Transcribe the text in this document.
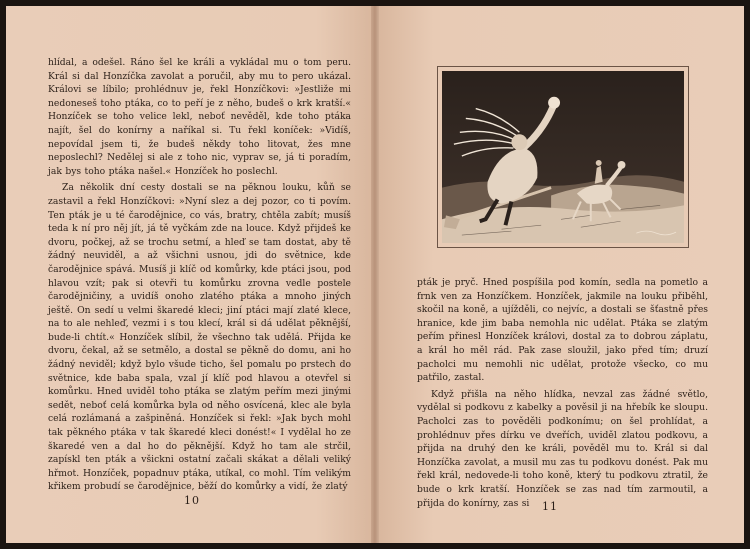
hlídal, a odešel. Ráno šel ke králi a vykládal mu o tom peru. Král si dal Honzíčka zavolat a poručil, aby mu to pero ukázal. Královi se líbilo; prohlédnuv je, řekl Honzíčkovi: »Jestliže mi nedoneseš toho ptáka, co to peří je z něho, budeš o krk kratší.« Honzíček se toho velice lekl, neboť nevěděl, kde toho ptáka najít, šel do konírny a naříkal si. Tu řekl koníček: »Vidíš, nepovídal jsem ti, že budeš někdy toho litovat, žes mne neposlechl? Nedělej si ale z toho nic, vyprav se, já ti poradím, jak bys toho ptáka našel.« Honzíček ho poslechl.

Za několik dní cesty dostali se na pěknou louku, kůň se zastavil a řekl Honzíčkovi: »Nyní slez a dej pozor, co ti povím. Ten pták je u té čarodějnice, co vás, bratry, chtěla zabít; musíš teda k ní pro něj jít, já tě vyčkám zde na louce. Když přijdeš ke dvoru, počkej, až se trochu setmí, a hleď se tam dostat, aby tě žádný neuviděl, a až všichni usnou, jdi do světnice, kde čarodějnice spává. Musíš ji klíč od komůrky, kde ptáci jsou, pod hlavou vzít; pak si otevři tu komůrku zrovna vedle postele čarodějničiny, a uvidíš onoho zlatého ptáka a mnoho jiných ještě. On sedí u velmi škaredé kleci; jiní ptáci mají zlaté klece, na to ale nehleď, vezmi i s tou klecí, král si dá udělat pěknější, bude-li chtít.« Honzíček slíbil, že všechno tak udělá. Přijda ke dvoru, čekal, až se setmělo, a dostal se pěkně do domu, ani ho žádný neviděl; když bylo všude ticho, šel pomalu po prstech do světnice, kde baba spala, vzal jí klíč pod hlavou a otevřel si komůrku. Hned uviděl toho ptáka se zlatým peřím mezi jinými sedět, neboť celá komůrka byla od něho osvícená, klec ale byla celá rozlámaná a zašpiněná. Honzíček si řekl: »Jak bych mohl tak pěkného ptáka v tak škaredé kleci donést!« I vydělal ho ze škaredé ven a dal ho do pěknější. Když ho tam ale strčil, zapískl ten pták a všickni ostatní začali skákat a dělali veliký hřmot. Honzíček, popadnuv ptáka, utíkal, co mohl. Tím velikým křikem probudí se čarodějnice, běží do komůrky a vidí, že zlatý

10

pták je pryč. Hned pospíšila pod komín, sedla na pometlo a frnk ven za Honzíčkem. Honzíček, jakmile na louku přiběhl, skočil na koně, a ujížděli, co nejvíc, a dostali se šťastně přes hranice, kde jim baba nemohla nic udělat. Ptáka se zlatým peřím přinesl Honzíček královi, dostal za to dobrou záplatu, a král ho měl rád. Pak zase sloužil, jako před tím; druzí pacholci mu nemohli nic udělat, protože všecko, co mu patřilo, zastal.

Když přišla na něho hlídka, nevzal zas žádné světlo, vydělal si podkovu z kabelky a pověsil ji na hřebík ke sloupu. Pacholci zas to pověděli podkonímu; on šel prohlídat, a prohlédnuv přes dírku ve dveřích, uviděl zlatou podkovu, a přijda na druhý den ke králi, pověděl mu to. Král si dal Honzíčka zavolat, a musil mu zas tu podkovu donést. Pak mu řekl král, nedovede-li toho koně, který tu podkovu ztratil, že bude o krk kratší. Honzíček se zas nad tím zarmoutil, a přijda do konírny, zas si	11
